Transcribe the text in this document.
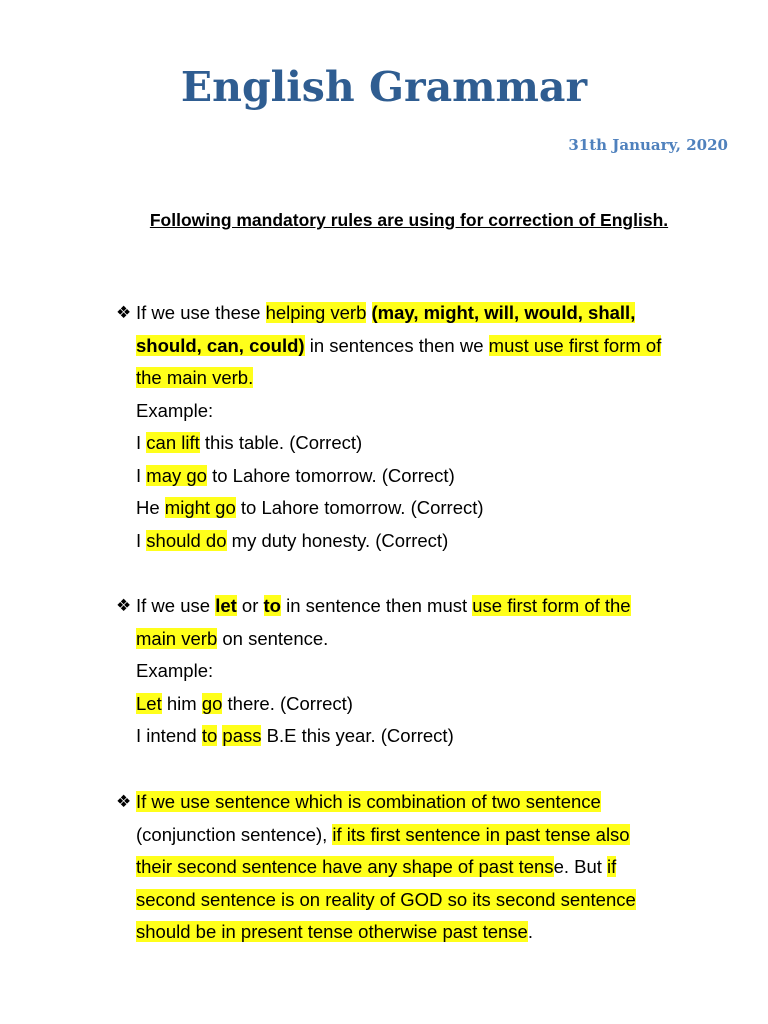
English Grammar
31th January, 2020
Following mandatory rules are using for correction of English.
❖ If we use these helping verb (may, might, will, would, shall,
should, can, could) in sentences then we must use first form of
the main verb.
Example:
I can lift this table. (Correct)
I may go to Lahore tomorrow. (Correct)
He might go to Lahore tomorrow. (Correct)
I should do my duty honesty. (Correct)
❖ If we use let or to in sentence then must use first form of the
main verb on sentence.
Example:
Let him go there. (Correct)
I intend to pass B.E this year. (Correct)
❖ If we use sentence which is combination of two sentence
(conjunction sentence), if its first sentence in past tense also
their second sentence have any shape of past tense. But if
second sentence is on reality of GOD so its second sentence
should be in present tense otherwise past tense.
